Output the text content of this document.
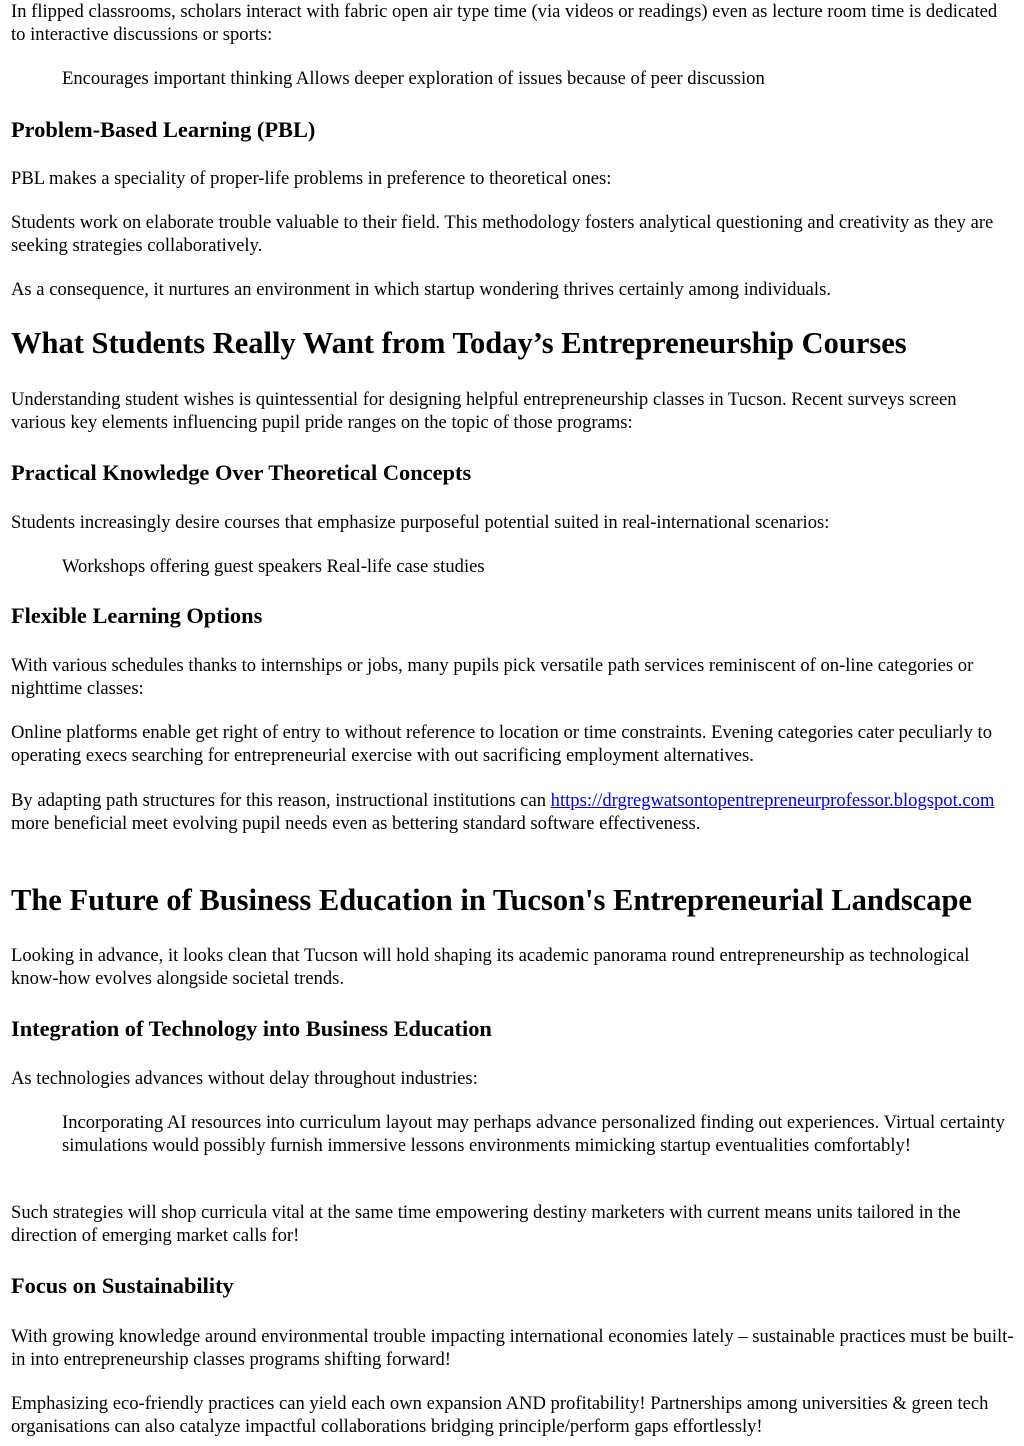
In flipped classrooms, scholars interact with fabric open air type time (via videos or readings) even as lecture room time is dedicated to interactive discussions or sports:

Encourages important thinking Allows deeper exploration of issues because of peer discussion

Problem-Based Learning (PBL)

PBL makes a speciality of proper-life problems in preference to theoretical ones:

Students work on elaborate trouble valuable to their field. This methodology fosters analytical questioning and creativity as they are seeking strategies collaboratively.

As a consequence, it nurtures an environment in which startup wondering thrives certainly among individuals.

What Students Really Want from Today’s Entrepreneurship Courses

Understanding student wishes is quintessential for designing helpful entrepreneurship classes in Tucson. Recent surveys screen various key elements influencing pupil pride ranges on the topic of those programs:

Practical Knowledge Over Theoretical Concepts

Students increasingly desire courses that emphasize purposeful potential suited in real-international scenarios:

Workshops offering guest speakers Real-life case studies

Flexible Learning Options

With various schedules thanks to internships or jobs, many pupils pick versatile path services reminiscent of on-line categories or nighttime classes:

Online platforms enable get right of entry to without reference to location or time constraints. Evening categories cater peculiarly to operating execs searching for entrepreneurial exercise with out sacrificing employment alternatives.

By adapting path structures for this reason, instructional institutions can https://drgregwatsontopentrepreneurprofessor.blogspot.com more beneficial meet evolving pupil needs even as bettering standard software effectiveness.

The Future of Business Education in Tucson's Entrepreneurial Landscape

Looking in advance, it looks clean that Tucson will hold shaping its academic panorama round entrepreneurship as technological know-how evolves alongside societal trends.

Integration of Technology into Business Education

As technologies advances without delay throughout industries:

Incorporating AI resources into curriculum layout may perhaps advance personalized finding out experiences. Virtual certainty simulations would possibly furnish immersive lessons environments mimicking startup eventualities comfortably!

Such strategies will shop curricula vital at the same time empowering destiny marketers with current means units tailored in the direction of emerging market calls for!

Focus on Sustainability

With growing knowledge around environmental trouble impacting international economies lately – sustainable practices must be built-in into entrepreneurship classes programs shifting forward!

Emphasizing eco-friendly practices can yield each own expansion AND profitability! Partnerships among universities & green tech organisations can also catalyze impactful collaborations bridging principle/perform gaps effortlessly!
